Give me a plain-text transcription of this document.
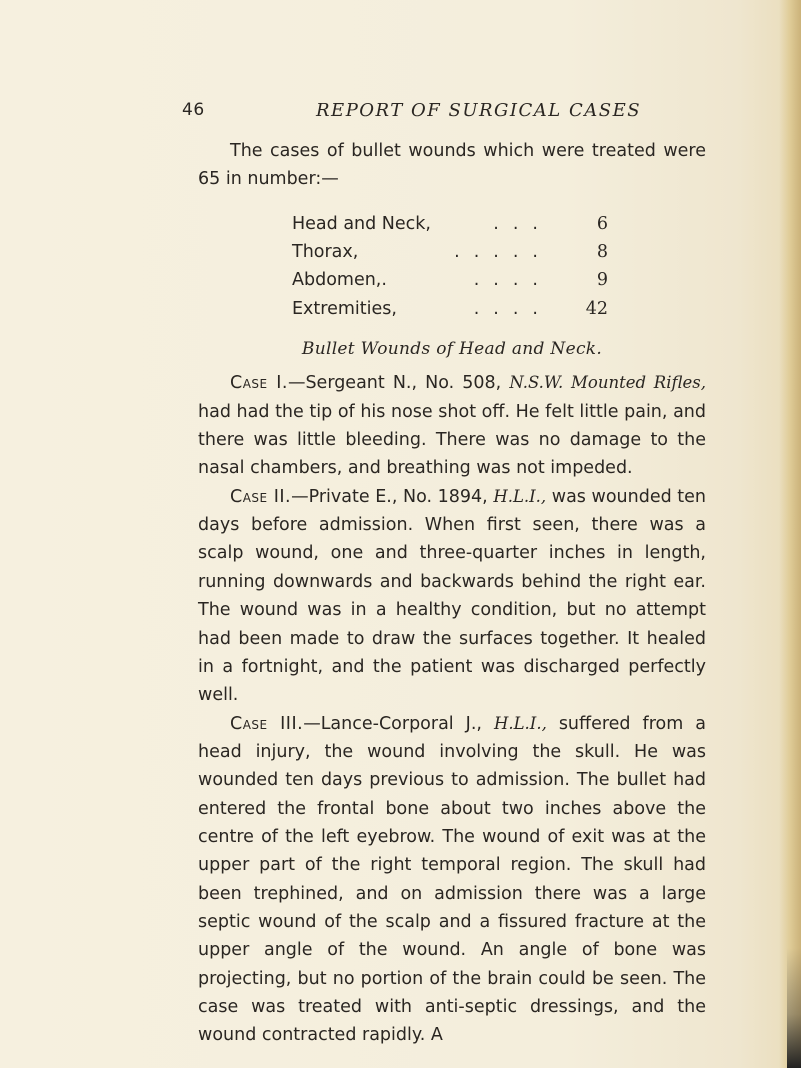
46	REPORT OF SURGICAL CASES

The cases of bullet wounds which were treated were 65 in number:—

Head and Neck,	...	6
Thorax,	.....	8
Abdomen,.	....	9
Extremities,	....	42
Bullet Wounds of Head and Neck.

Case I.—Sergeant N., No. 508, N.S.W. Mounted Rifles, had had the tip of his nose shot off. He felt little pain, and there was little bleeding. There was no damage to the nasal chambers, and breathing was not impeded.

Case II.—Private E., No. 1894, H.L.I., was wounded ten days before admission. When first seen, there was a scalp wound, one and three-quarter inches in length, running downwards and backwards behind the right ear. The wound was in a healthy condition, but no attempt had been made to draw the surfaces together. It healed in a fortnight, and the patient was discharged perfectly well.

Case III.—Lance-Corporal J., H.L.I., suffered from a head injury, the wound involving the skull. He was wounded ten days previous to admission. The bullet had entered the frontal bone about two inches above the centre of the left eyebrow. The wound of exit was at the upper part of the right temporal region. The skull had been trephined, and on admission there was a large septic wound of the scalp and a fissured fracture at the upper angle of the wound. An angle of bone was projecting, but no portion of the brain could be seen. The case was treated with anti-septic dressings, and the wound contracted rapidly. A
